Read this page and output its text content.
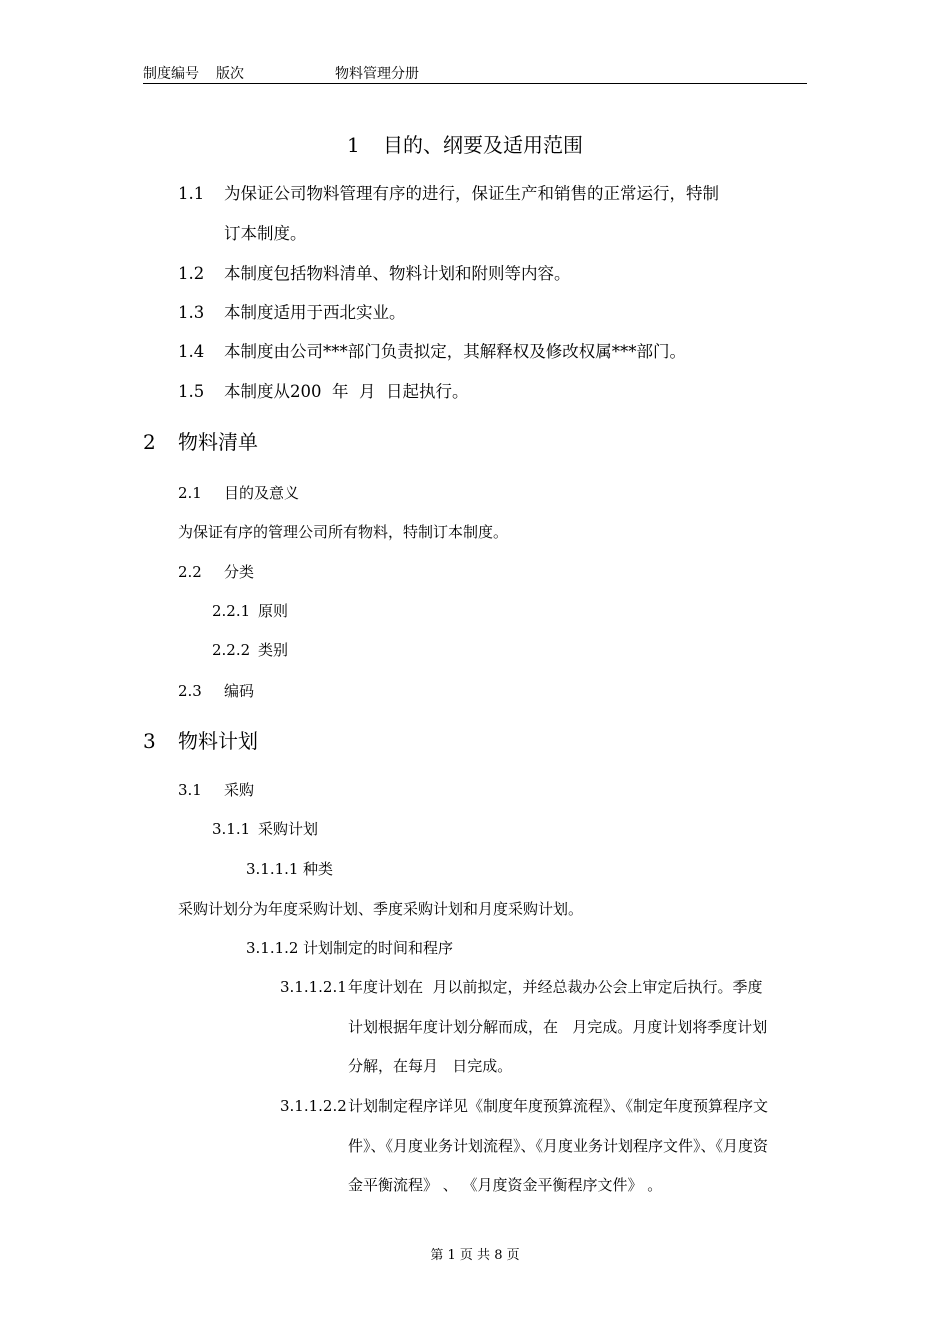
制度编号 版次	物料管理分册
1 目的、纲要及适用范围
1.1 为保证公司物料管理有序的进行，保证生产和销售的正常运行，特制
订本制度。
1.2 本制度包括物料清单、物料计划和附则等内容。
1.3 本制度适用于西北实业。
1.4 本制度由公司***部门负责拟定，其解释权及修改权属***部门。
1.5 本制度从200  年  月  日起执行。
2 物料清单
2.1 目的及意义
为保证有序的管理公司所有物料，特制订本制度。
2.2 分类
2.2.1 原则
2.2.2 类别
2.3 编码
3 物料计划
3.1 采购
3.1.1 采购计划
3.1.1.1 种类
采购计划分为年度采购计划、季度采购计划和月度采购计划。
3.1.1.2 计划制定的时间和程序
3.1.1.2.1 年度计划在  月以前拟定，并经总裁办公会上审定后执行。季度
计划根据年度计划分解而成，在   月完成。月度计划将季度计划
分解，在每月   日完成。
3.1.1.2.2 计划制定程序详见《制度年度预算流程》、《制定年度预算程序文
件》、《月度业务计划流程》、《月度业务计划程序文件》、《月度资
金平衡流程》 、 《月度资金平衡程序文件》 。
第 1 页 共 8 页
